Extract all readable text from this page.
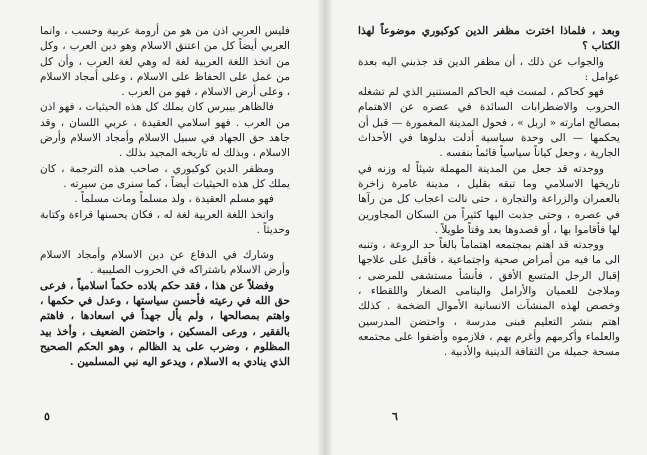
فليس العربي اذن من هو من أرومة عربية وحسب ، وانما العربي أيضاً كل من اعتنق الاسلام وهو دين العرب ، وكل من اتخذ اللغة العربية لغة له وهي لغة العرب ، وأن كل من عمل على الحفاظ على الاسلام ، وعلى أمجاد الاسلام ، وعلى أرض الاسلام ، فهو من العرب .

فالظاهر بيبرس كان يملك كل هذه الحيثيات ، فهو اذن من العرب . فهو اسلامي العقيدة ، عربي اللسان ، وقد جاهد حق الجهاد في سبيل الاسلام وأمجاد الاسلام وأرض الاسلام ، وبذلك له تاريخه المجيد بذلك .

ومظفر الدين كوكبوري ، صاحب هذه الترجمة ، كان يملك كل هذه الحيثيات أيضاً ، كما سنرى من سيرته .

فهو مسلم العقيدة ، ولد مسلماً ومات مسلماً .

واتخذ اللغة العربية لغة له ، فكان يحسنها قراءة وكتابة وحديثاً .

وشارك في الدفاع عن دين الاسلام وأمجاد الاسلام وأرض الاسلام باشتراكه في الحروب الصليبية .

وفضلاً عن هذا ، فقد حكم بلاده حكماً اسلامياً ، فرعى حق الله في رعيته فأحسن سياستها ، وعدل في حكمها ، واهتم بمصالحها ، ولم يأل جهداً في اسعادها ، فاهتم بالفقير ، ورعى المسكين ، واحتضن الضعيف ، وأخذ بيد المظلوم ، وضرب على يد الظالم ، وهو الحكم الصحيح الذي ينادي به الاسلام ، ويدعو اليه نبي المسلمين .

٥

وبعد ، فلماذا اخترت مظفر الدين كوكبوري موضوعاً لهذا الكتاب ؟

والجواب عن ذلك ، أن مظفر الدين قد جذبني اليه بعدة عوامل :

فهو كحاكم ، لمست فيه الحاكم المستنير الذي لم تشغله الحروب والاضطرابات السائدة في عصره عن الاهتمام بمصالح امارته « اربل » ، فحول المدينة المغمورة — قبل أن يحكمها — الى وحدة سياسية أدلت بدلوها في الأحداث الجارية ، وجعل كياناً سياسياً قائماً بنفسه .

ووجدته قد جعل من المدينة المهملة شيئاً له وزنه في تاريخها الاسلامي وما تبقه بقليل ، مدينة عامرة زاخرة بالعمران والزراعة والتجارة ، حتى نالت اعجاب كل من رآها في عصره ، وحتى جذبت اليها كثيراً من السكان المجاورين لها فأقاموا بها ، أو قصدوها بعد وقتاً طويلاً .

ووجدته قد اهتم بمجتمعه اهتماماً بالغاً حد الروعة ، وتنبه الى ما فيه من أمراض صحية واجتماعية ، فأقبل على علاجها إقبال الرجل المتسع الأفق ، فأنشأ مستشفى للمرضى ، وملاجئ للعميان والأرامل واليتامى الصغار واللقطاء ، وخصص لهذه المنشآت الانسانية الأموال الضخمة . كذلك اهتم بنشر التعليم فبنى مدرسة ، واحتضن المدرسين والعلماء وأكرمهم وأغرم بهم ، فلازموه وأضفوا على مجتمعه مسحة جميلة من الثقافة الدينية والأدبية .

٦
